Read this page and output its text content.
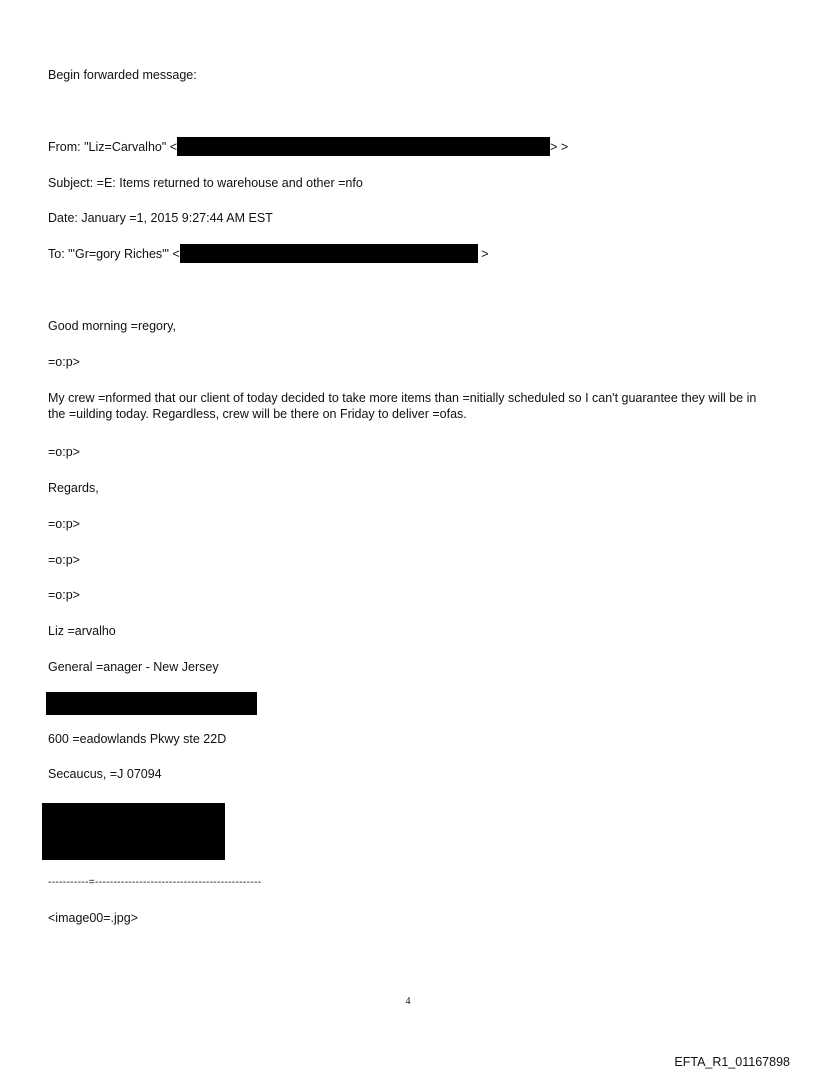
Begin forwarded message:
From: "Liz=Carvalho" <	> >
Subject: =E: Items returned to warehouse and other =nfo
Date: January =1, 2015 9:27:44 AM EST
To: "'Gr=gory Riches'" <	>
Good morning =regory,
=o:p>
My crew =nformed that our client of today decided to take more items than =nitially scheduled so I can't guarantee they will be in the =uilding today. Regardless, crew will be there on Friday to deliver =ofas.
=o:p>
Regards,
=o:p>
=o:p>
=o:p>
Liz =arvalho
General =anager - New Jersey
600 =eadowlands Pkwy ste 22D
Secaucus, =J 07094
-----------=---------------------------------------------
<image00=.jpg>
4
EFTA_R1_01167898
